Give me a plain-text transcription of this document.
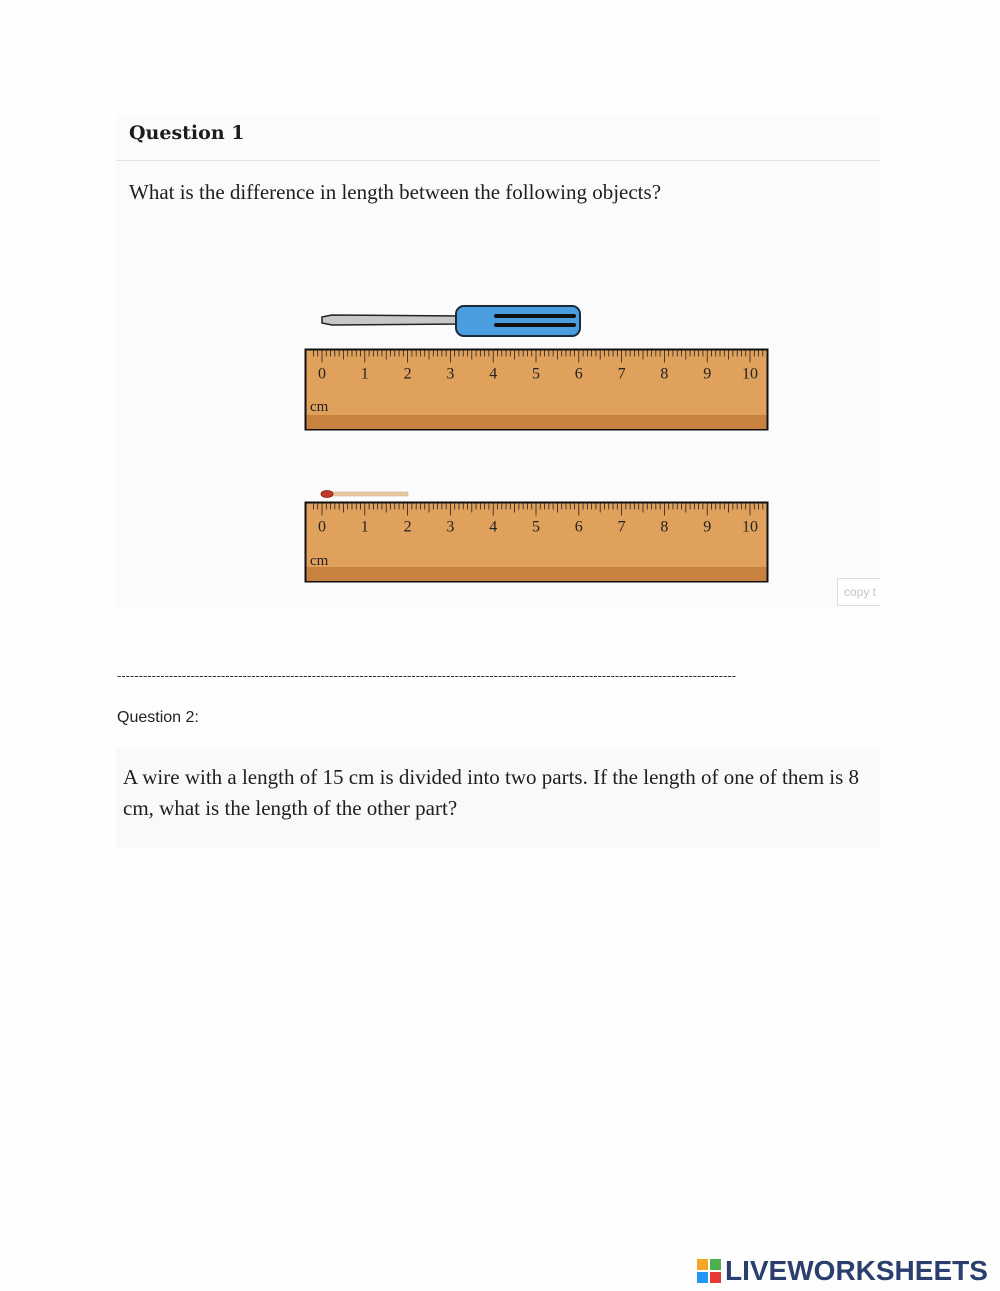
Question 1
What is the difference in length between the following objects?
copy t
0 1 2 3 4 5 6 7 8 9 10
cm
0 1 2 3 4 5 6 7 8 9 10
cm
-----------------------------------------------------------------------------------------------------------------------------------------------
Question 2:
A wire with a length of 15 cm is divided into two parts. If the length of one of them is 8 cm, what is the length of the other part?
LIVEWORKSHEETS
